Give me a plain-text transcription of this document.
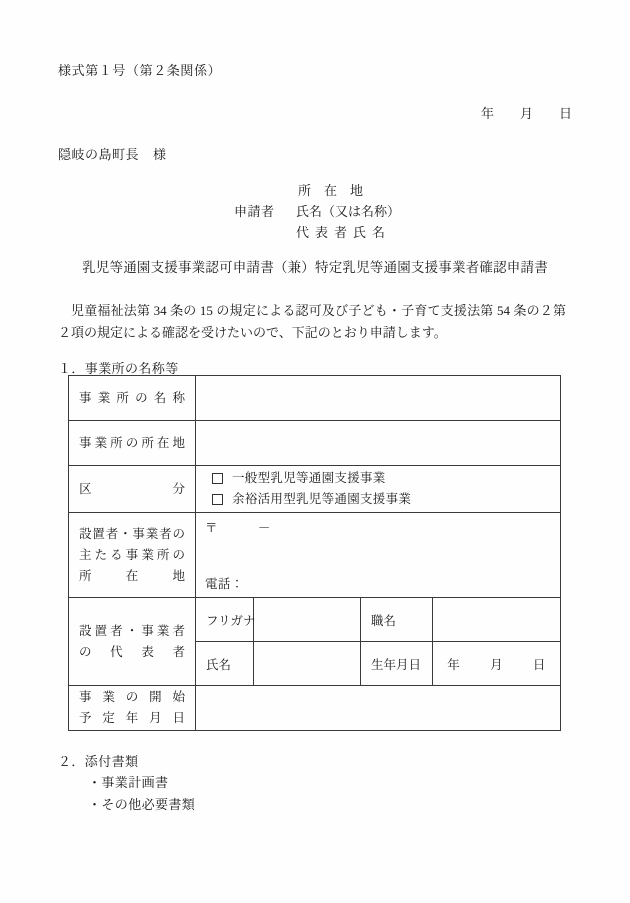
様式第１号（第２条関係）
年 月 日
隠岐の島町長 様

所在地
申請者	氏名（又は名称）

代表者氏名
乳児等通園支援事業認可申請書（兼）特定乳児等通園支援事業者確認申請書
児童福祉法第 34 条の 15 の規定による認可及び子ども・子育て支援法第 54 条の２第２項の規定による確認を受けたいので、下記のとおり申請します。
１．事業所の名称等
事業所の名称				

事業所の所在地				

区分	一般型乳児等通園支援事業
余裕活用型乳児等通園支援事業			

設置者・事業者の
主たる事業所の
所在地

〒	－
電話：

設置者・事業者
の代表者	フリガナ		職名	
	氏名		生年月日	年 月 日

事業の開始
予定年月日				

２．添付書類
・事業計画書
・その他必要書類
